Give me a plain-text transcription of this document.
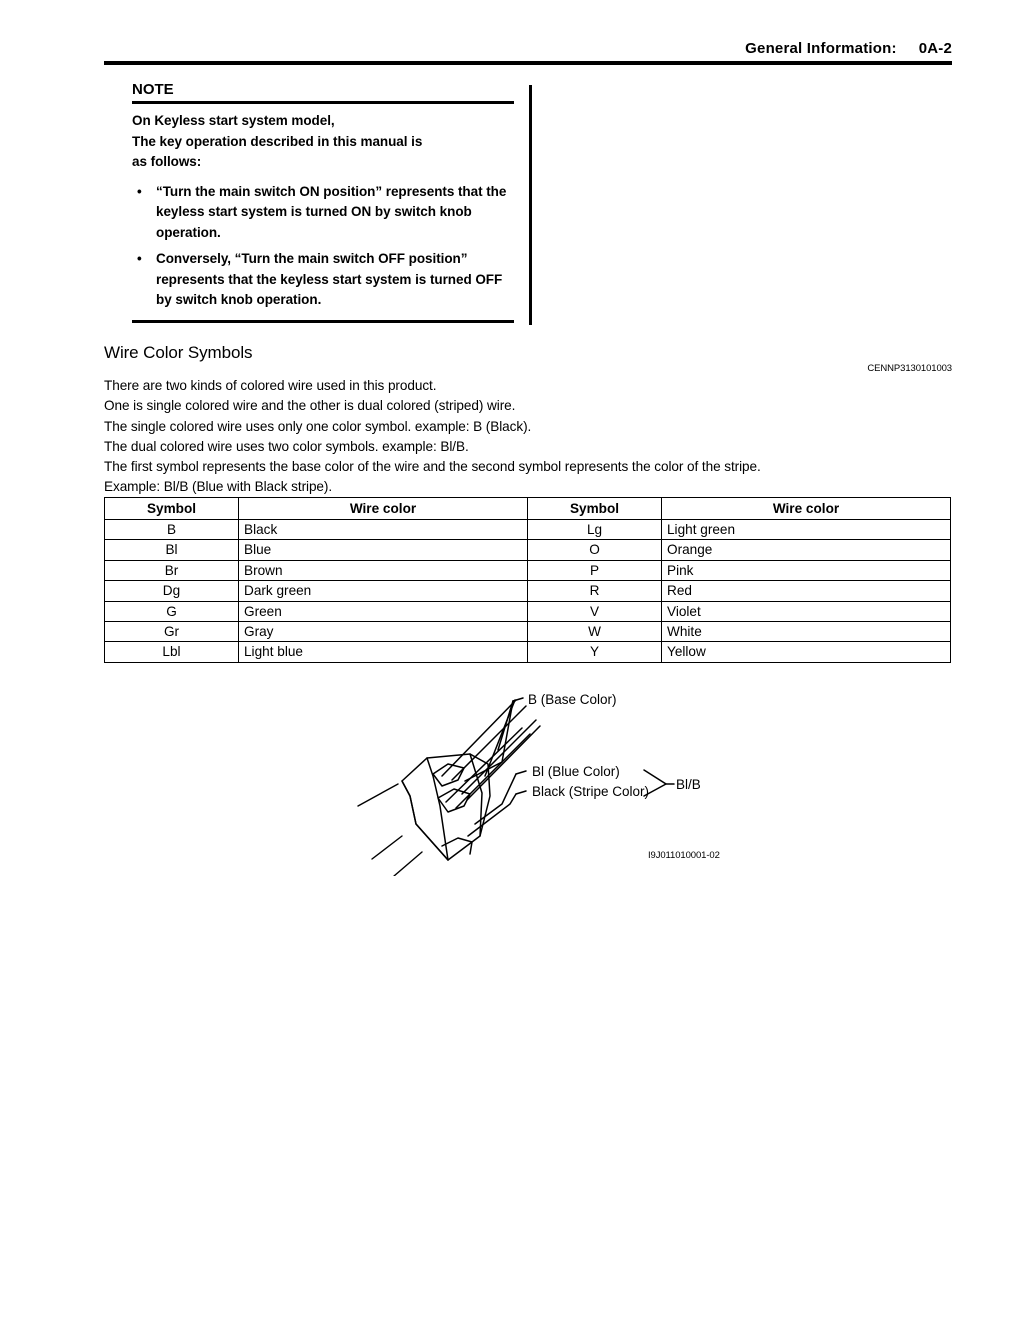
General Information: 0A-2
NOTE
On Keyless start system model,
The key operation described in this manual is
as follows:
• “Turn the main switch ON position” represents that the keyless start system is turned ON by switch knob operation.
• Conversely, “Turn the main switch OFF position” represents that the keyless start system is turned OFF by switch knob operation.
Wire Color Symbols
CENNP3130101003
There are two kinds of colored wire used in this product.
One is single colored wire and the other is dual colored (striped) wire.
The single colored wire uses only one color symbol. example: B (Black).
The dual colored wire uses two color symbols. example: Bl/B.
The first symbol represents the base color of the wire and the second symbol represents the color of the stripe.
Example: Bl/B (Blue with Black stripe).
Symbol	Wire color	Symbol	Wire color
B	Black	Lg	Light green
Bl	Blue	O	Orange
Br	Brown	P	Pink
Dg	Dark green	R	Red
G	Green	V	Violet
Gr	Gray	W	White
Lbl	Light blue	Y	Yellow
B (Base Color)
Bl (Blue Color)
Black (Stripe Color) Bl/B
I9J011010001-02
